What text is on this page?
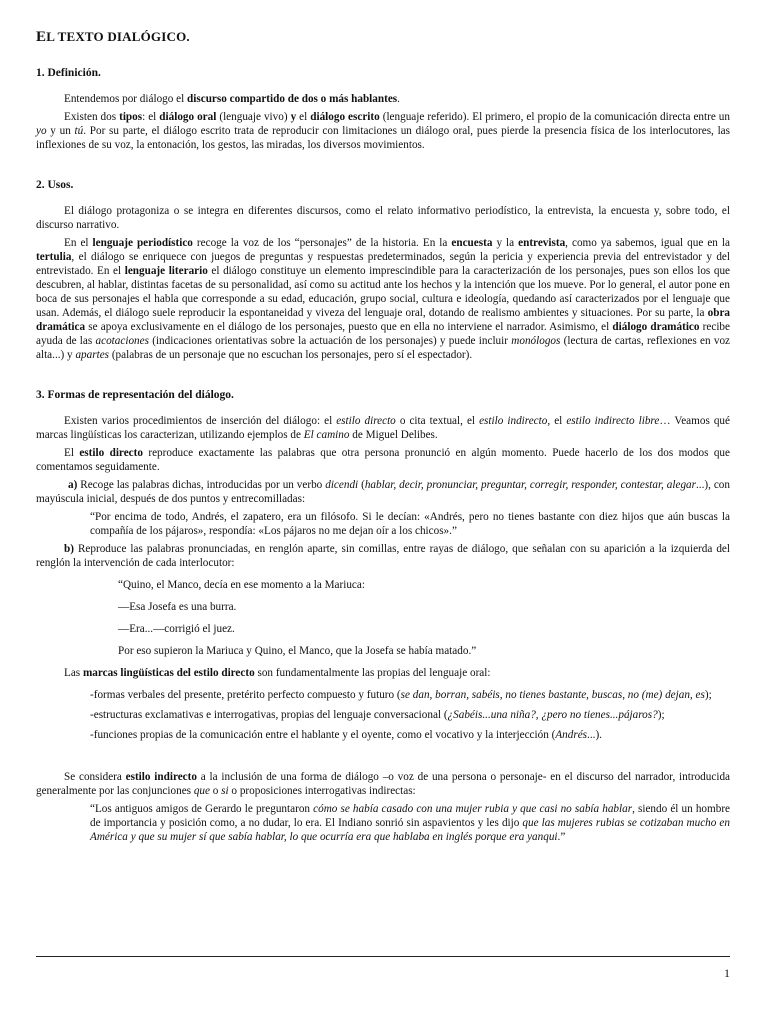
EL TEXTO DIALÓGICO.
1. Definición.

Entendemos por diálogo el discurso compartido de dos o más hablantes.

Existen dos tipos: el diálogo oral (lenguaje vivo) y el diálogo escrito (lenguaje referido). El primero, el propio de la comunicación directa entre un yo y un tú. Por su parte, el diálogo escrito trata de reproducir con limitaciones un diálogo oral, pues pierde la presencia física de los interlocutores, las inflexiones de su voz, la entonación, los gestos, las miradas, los diversos movimientos.

2. Usos.

El diálogo protagoniza o se integra en diferentes discursos, como el relato informativo periodístico, la entrevista, la encuesta y, sobre todo, el discurso narrativo.

En el lenguaje periodístico recoge la voz de los “personajes” de la historia. En la encuesta y la entrevista, como ya sabemos, igual que en la tertulia, el diálogo se enriquece con juegos de preguntas y respuestas predeterminados, según la pericia y experiencia previa del entrevistador y del entrevistado. En el lenguaje literario el diálogo constituye un elemento imprescindible para la caracterización de los personajes, pues son ellos los que descubren, al hablar, distintas facetas de su personalidad, así como su actitud ante los hechos y la intención que los mueve. Por lo general, el autor pone en boca de sus personajes el habla que corresponde a su edad, educación, grupo social, cultura e ideología, quedando así caracterizados por el lenguaje que usan. Además, el diálogo suele reproducir la espontaneidad y viveza del lenguaje oral, dotando de realismo ambientes y situaciones. Por su parte, la obra dramática se apoya exclusivamente en el diálogo de los personajes, puesto que en ella no interviene el narrador. Asimismo, el diálogo dramático recibe ayuda de las acotaciones (indicaciones orientativas sobre la actuación de los personajes) y puede incluir monólogos (lectura de cartas, reflexiones en voz alta...) y apartes (palabras de un personaje que no escuchan los personajes, pero sí el espectador).

3. Formas de representación del diálogo.

Existen varios procedimientos de inserción del diálogo: el estilo directo o cita textual, el estilo indirecto, el estilo indirecto libre… Veamos qué marcas lingüísticas los caracterizan, utilizando ejemplos de El camino de Miguel Delibes.

El estilo directo reproduce exactamente las palabras que otra persona pronunció en algún momento. Puede hacerlo de los dos modos que comentamos seguidamente.

a) Recoge las palabras dichas, introducidas por un verbo dicendi (hablar, decir, pronunciar, preguntar, corregir, responder, contestar, alegar...), con mayúscula inicial, después de dos puntos y entrecomilladas:

“Por encima de todo, Andrés, el zapatero, era un filósofo. Si le decían: «Andrés, pero no tienes bastante con diez hijos que aún buscas la compañía de los pájaros», respondía: «Los pájaros no me dejan oír a los chicos».”

b) Reproduce las palabras pronunciadas, en renglón aparte, sin comillas, entre rayas de diálogo, que señalan con su aparición a la izquierda del renglón la intervención de cada interlocutor:

“Quino, el Manco, decía en ese momento a la Mariuca:
—Esa Josefa es una burra.
—Era...—corrigió el juez.
Por eso supieron la Mariuca y Quino, el Manco, que la Josefa se había matado.”

Las marcas lingüísticas del estilo directo son fundamentalmente las propias del lenguaje oral:

-formas verbales del presente, pretérito perfecto compuesto y futuro (se dan, borran, sabéis, no tienes bastante, buscas, no (me) dejan, es);

-estructuras exclamativas e interrogativas, propias del lenguaje conversacional (¿Sabéis...una niña?, ¿pero no tienes...pájaros?);

-funciones propias de la comunicación entre el hablante y el oyente, como el vocativo y la interjección (Andrés...).

Se considera estilo indirecto a la inclusión de una forma de diálogo –o voz de una persona o personaje- en el discurso del narrador, introducida generalmente por las conjunciones que o si o proposiciones interrogativas indirectas:

“Los antiguos amigos de Gerardo le preguntaron cómo se había casado con una mujer rubia y que casi no sabía hablar, siendo él un hombre de importancia y posición como, a no dudar, lo era. El Indiano sonrió sin aspavientos y les dijo que las mujeres rubias se cotizaban mucho en América y que su mujer sí que sabía hablar, lo que ocurría era que hablaba en inglés porque era yanqui.”

1
